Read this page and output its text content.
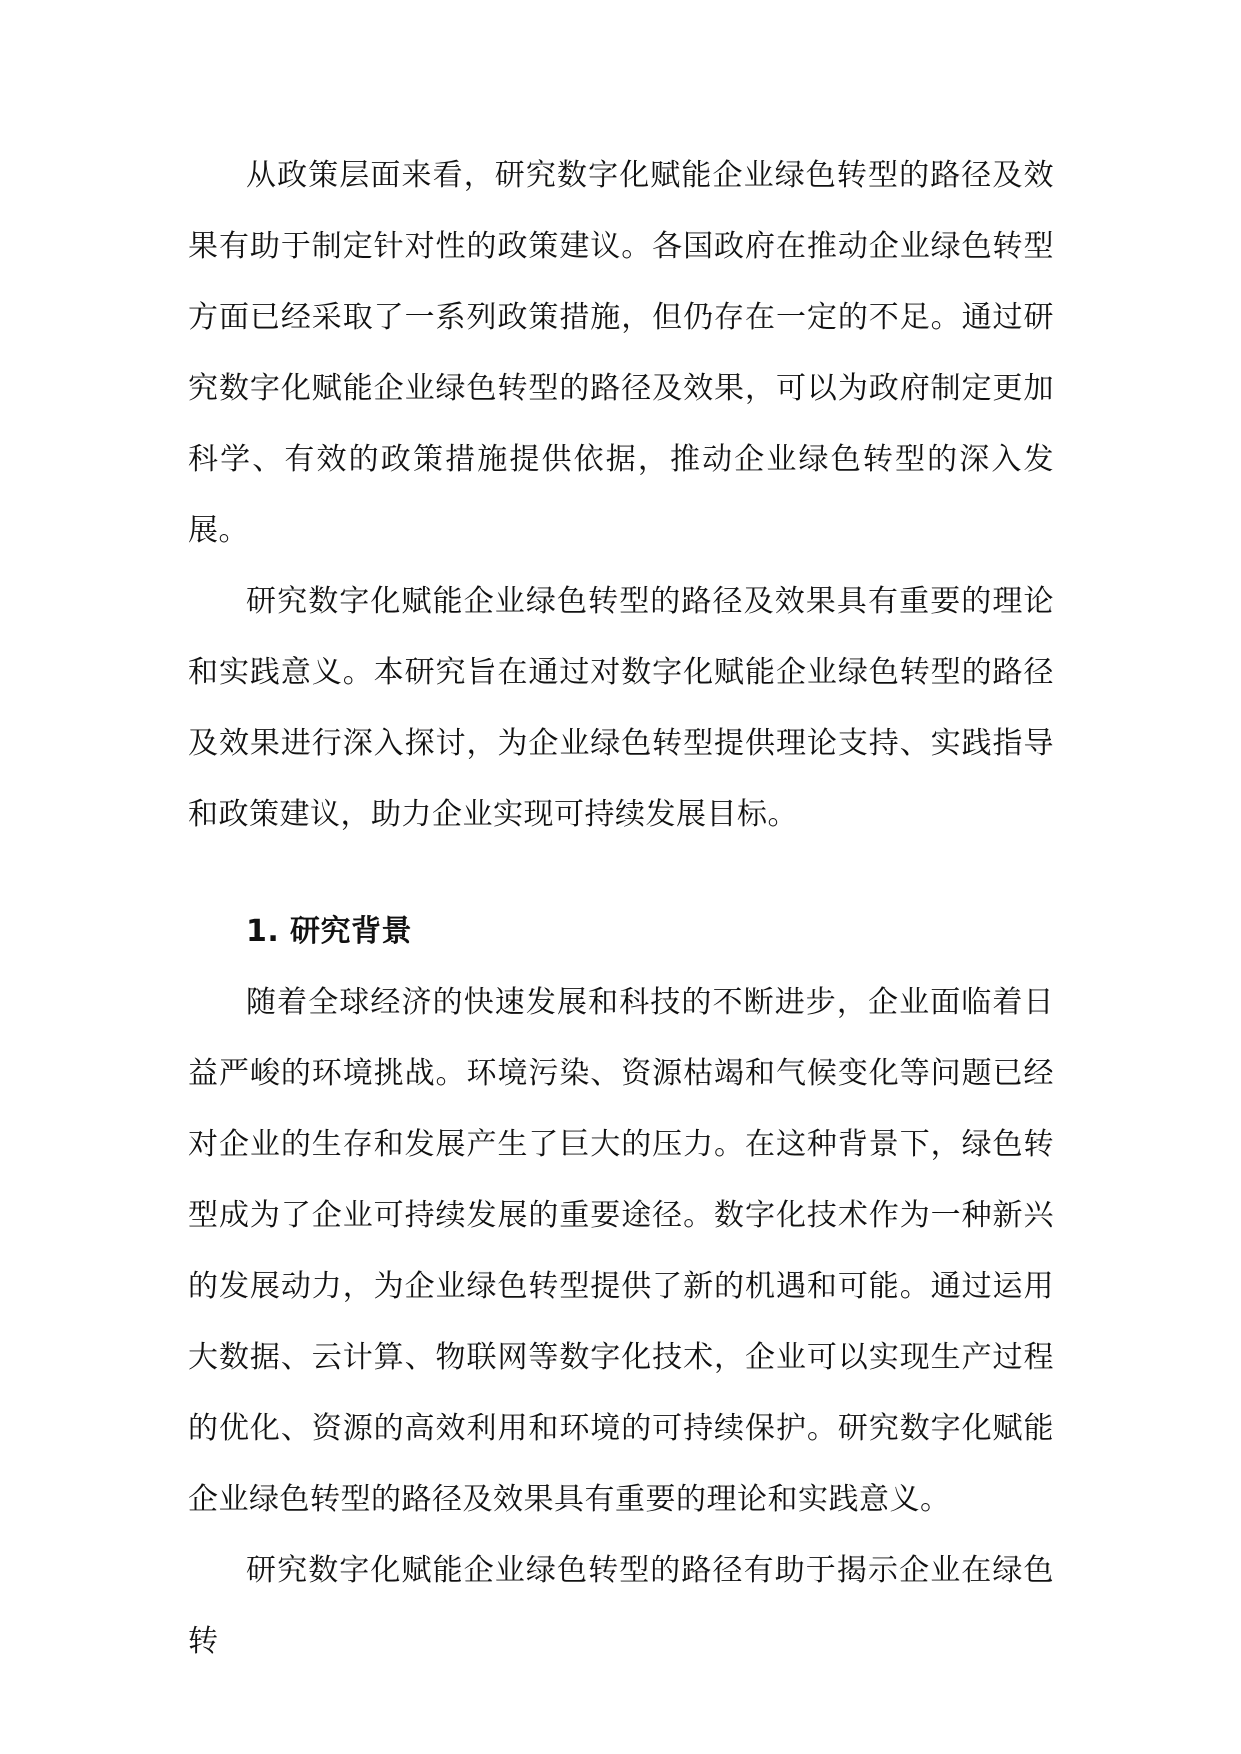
从政策层面来看，研究数字化赋能企业绿色转型的路径及效果有助于制定针对性的政策建议。各国政府在推动企业绿色转型方面已经采取了一系列政策措施，但仍存在一定的不足。通过研究数字化赋能企业绿色转型的路径及效果，可以为政府制定更加科学、有效的政策措施提供依据，推动企业绿色转型的深入发展。

研究数字化赋能企业绿色转型的路径及效果具有重要的理论和实践意义。本研究旨在通过对数字化赋能企业绿色转型的路径及效果进行深入探讨，为企业绿色转型提供理论支持、实践指导和政策建议，助力企业实现可持续发展目标。

1. 研究背景

随着全球经济的快速发展和科技的不断进步，企业面临着日益严峻的环境挑战。环境污染、资源枯竭和气候变化等问题已经对企业的生存和发展产生了巨大的压力。在这种背景下，绿色转型成为了企业可持续发展的重要途径。数字化技术作为一种新兴的发展动力，为企业绿色转型提供了新的机遇和可能。通过运用大数据、云计算、物联网等数字化技术，企业可以实现生产过程的优化、资源的高效利用和环境的可持续保护。研究数字化赋能企业绿色转型的路径及效果具有重要的理论和实践意义。

研究数字化赋能企业绿色转型的路径有助于揭示企业在绿色转
